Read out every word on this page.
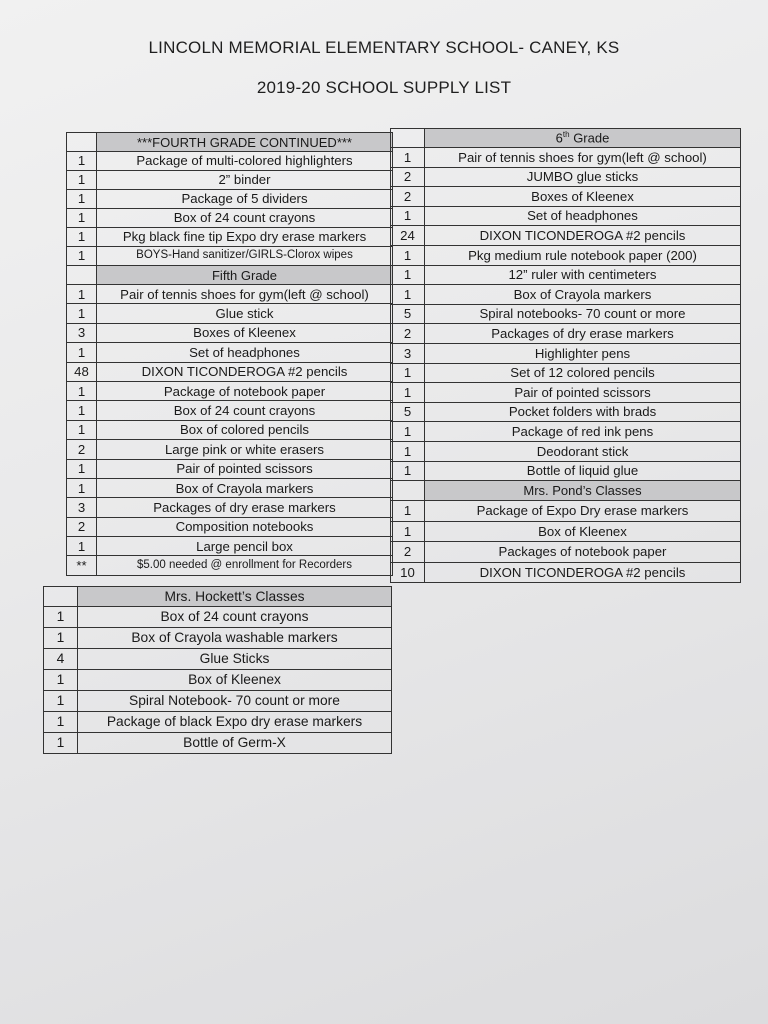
LINCOLN MEMORIAL ELEMENTARY SCHOOL- CANEY, KS
2019-20 SCHOOL SUPPLY LIST
	***FOURTH GRADE CONTINUED***
1	Package of multi-colored highlighters
1	2” binder
1	Package of 5 dividers
1	Box of 24 count crayons
1	Pkg black fine tip Expo dry erase markers
1	BOYS-Hand sanitizer/GIRLS-Clorox wipes
	Fifth Grade
1	Pair of tennis shoes for gym(left @ school)
1	Glue stick
3	Boxes of Kleenex
1	Set of headphones
48	DIXON TICONDEROGA #2 pencils
1	Package of notebook paper
1	Box of 24 count crayons
1	Box of colored pencils
2	Large pink or white erasers
1	Pair of pointed scissors
1	Box of Crayola markers
3	Packages of dry erase markers
2	Composition notebooks
1	Large pencil box
**	$5.00 needed @ enrollment for Recorders
	6th Grade
1	Pair of tennis shoes for gym(left @ school)
2	JUMBO glue sticks
2	Boxes of Kleenex
1	Set of headphones
24	DIXON TICONDEROGA #2 pencils
1	Pkg medium rule notebook paper (200)
1	12” ruler with centimeters
1	Box of Crayola markers
5	Spiral notebooks- 70 count or more
2	Packages of dry erase markers
3	Highlighter pens
1	Set of 12 colored pencils
1	Pair of pointed scissors
5	Pocket folders with brads
1	Package of red ink pens
1	Deodorant stick
1	Bottle of liquid glue
	Mrs. Pond’s Classes
1	Package of Expo Dry erase markers
1	Box of Kleenex
2	Packages of notebook paper
10	DIXON TICONDEROGA #2 pencils
	Mrs. Hockett’s Classes
1	Box of 24 count crayons
1	Box of Crayola washable markers
4	Glue Sticks
1	Box of Kleenex
1	Spiral Notebook- 70 count or more
1	Package of black Expo dry erase markers
1	Bottle of Germ-X
